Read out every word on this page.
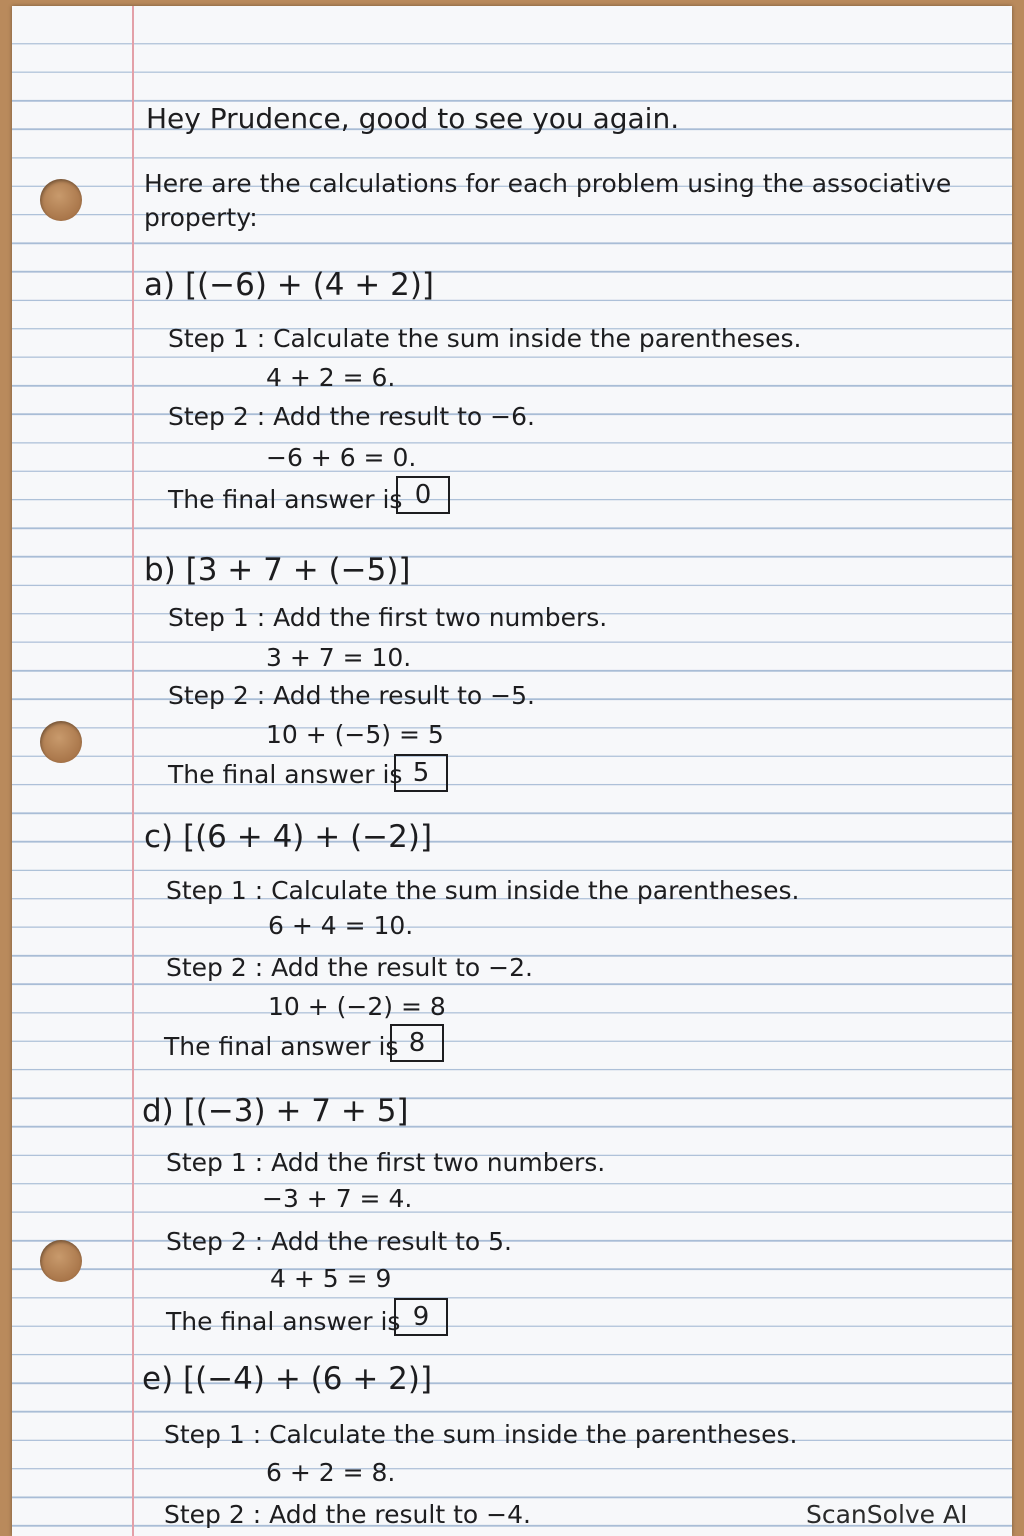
Hey Prudence, good to see you again.
Here are the calculations for each problem using the associative
property:
a) [(−6) + (4 + 2)]
Step 1 : Calculate the sum inside the parentheses.
4 + 2 = 6.
Step 2 : Add the result to −6.
−6 + 6 = 0.
The final answer is 0
b) [3 + 7 + (−5)]
Step 1 : Add the first two numbers.
3 + 7 = 10.
Step 2 : Add the result to −5.
10 + (−5) = 5
The final answer is 5
c) [(6 + 4) + (−2)]
Step 1 : Calculate the sum inside the parentheses.
6 + 4 = 10.
Step 2 : Add the result to −2.
10 + (−2) = 8
The final answer is 8
d) [(−3) + 7 + 5]
Step 1 : Add the first two numbers.
−3 + 7 = 4.
Step 2 : Add the result to 5.
4 + 5 = 9
The final answer is 9
e) [(−4) + (6 + 2)]
Step 1 : Calculate the sum inside the parentheses.
6 + 2 = 8.
Step 2 : Add the result to −4.	ScanSolve AI
